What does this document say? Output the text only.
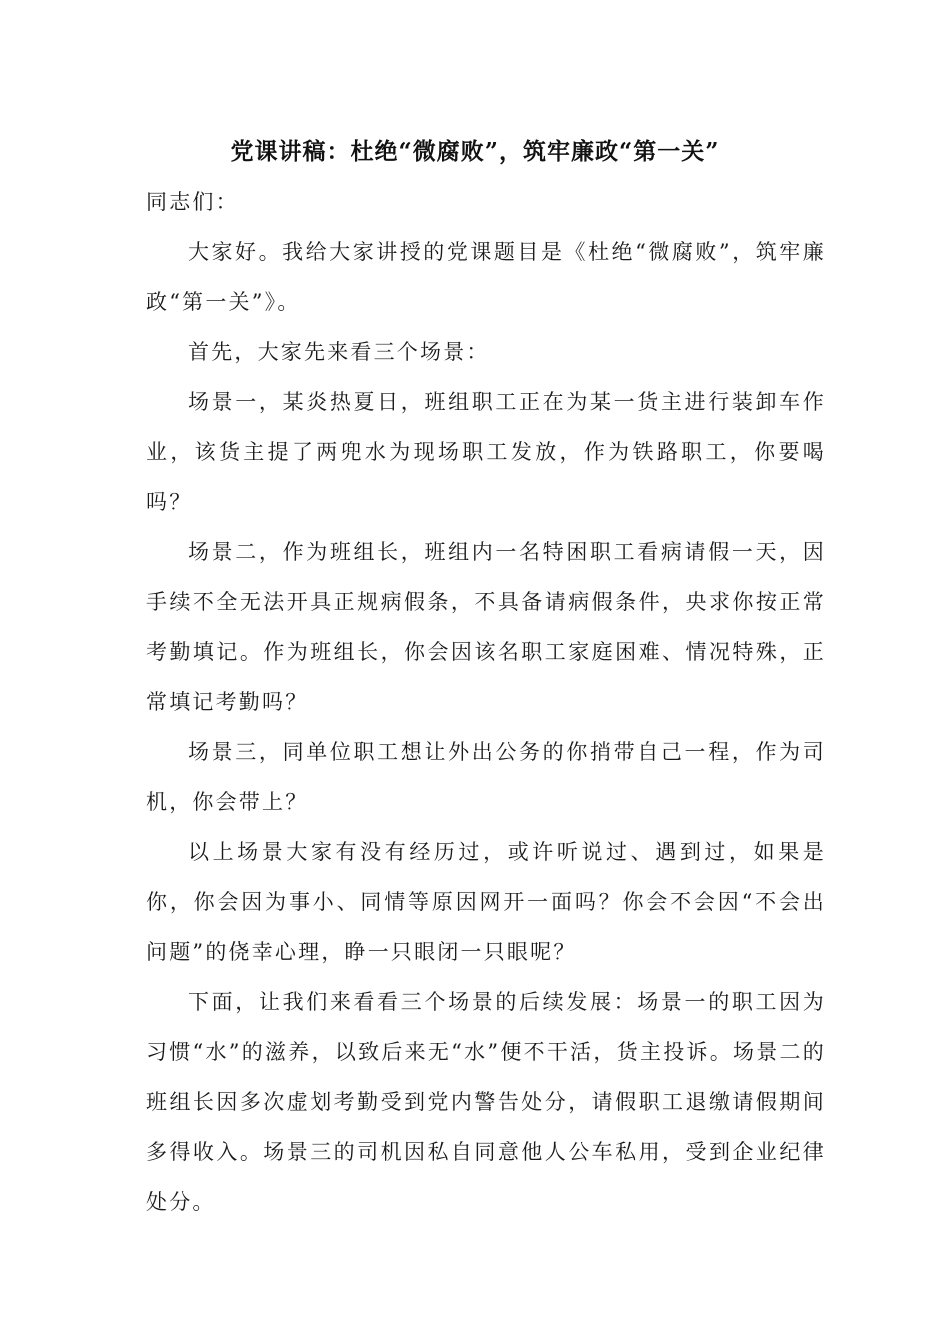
党课讲稿：杜绝“微腐败”，筑牢廉政“第一关”

同志们：

大家好。我给大家讲授的党课题目是《杜绝“微腐败”，筑牢廉政“第一关”》。

首先，大家先来看三个场景：

场景一，某炎热夏日，班组职工正在为某一货主进行装卸车作业，该货主提了两兜水为现场职工发放，作为铁路职工，你要喝吗？

场景二，作为班组长，班组内一名特困职工看病请假一天，因手续不全无法开具正规病假条，不具备请病假条件，央求你按正常考勤填记。作为班组长，你会因该名职工家庭困难、情况特殊，正常填记考勤吗？

场景三，同单位职工想让外出公务的你捎带自己一程，作为司机，你会带上？

以上场景大家有没有经历过，或许听说过、遇到过，如果是你，你会因为事小、同情等原因网开一面吗？你会不会因“不会出问题”的侥幸心理，睁一只眼闭一只眼呢？

下面，让我们来看看三个场景的后续发展：场景一的职工因为习惯“水”的滋养，以致后来无“水”便不干活，货主投诉。场景二的班组长因多次虚划考勤受到党内警告处分，请假职工退缴请假期间多得收入。场景三的司机因私自同意他人公车私用，受到企业纪律处分。
